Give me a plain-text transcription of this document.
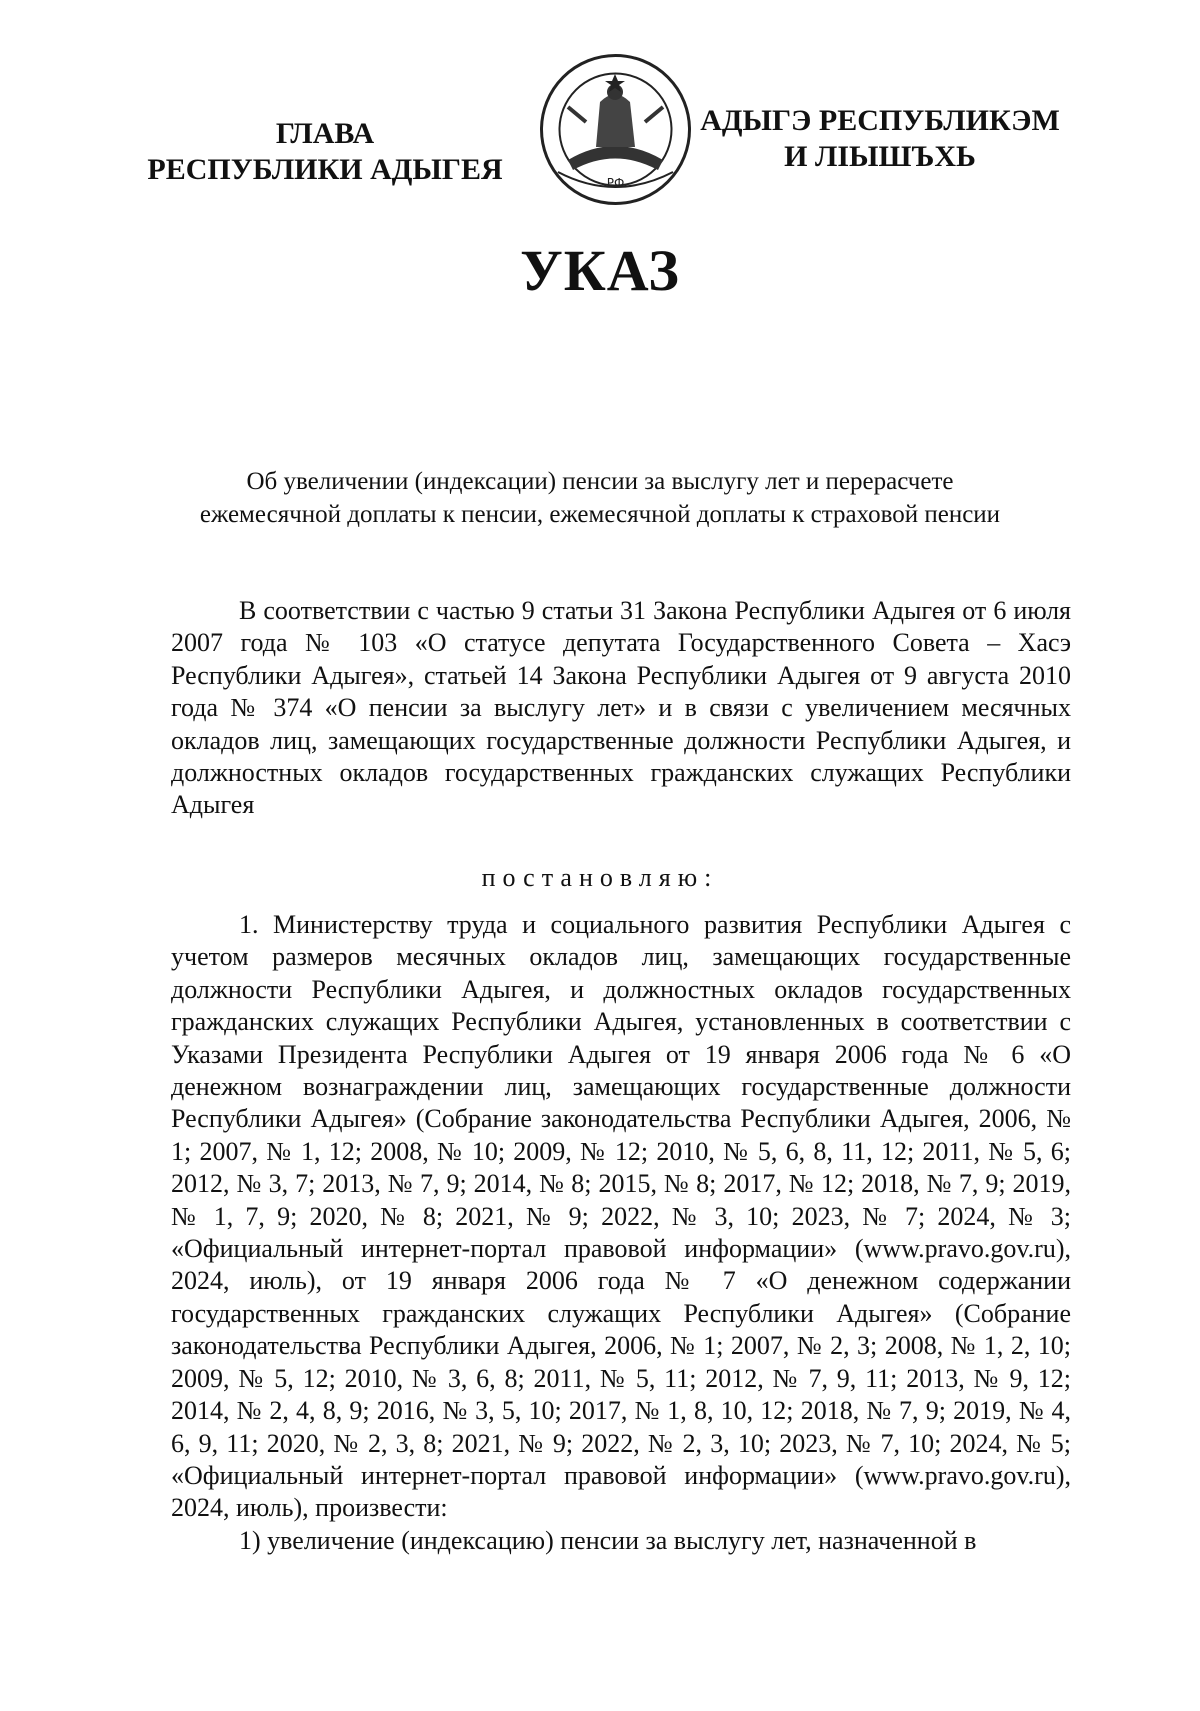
ГЛАВА
РЕСПУБЛИКИ АДЫГЕЯ	РФ
АДЫГЭ РЕСПУБЛИКЭМ
И ЛІЫШЪХЬ
УКАЗ
Об увеличении (индексации) пенсии за выслугу лет и перерасчете
ежемесячной доплаты к пенсии, ежемесячной доплаты к страховой пенсии

В соответствии с частью 9 статьи 31 Закона Республики Адыгея от 6 июля 2007 года № 103 «О статусе депутата Государственного Совета – Хасэ Республики Адыгея», статьей 14 Закона Республики Адыгея от 9 августа 2010 года № 374 «О пенсии за выслугу лет» и в связи с увеличением месячных окладов лиц, замещающих государственные должности Республики Адыгея, и должностных окладов государственных гражданских служащих Республики Адыгея

постановляю:

1. Министерству труда и социального развития Республики Адыгея с учетом размеров месячных окладов лиц, замещающих государственные должности Республики Адыгея, и должностных окладов государственных гражданских служащих Республики Адыгея, установленных в соответствии с Указами Президента Республики Адыгея от 19 января 2006 года № 6 «О денежном вознаграждении лиц, замещающих государственные должности Республики Адыгея» (Собрание законодательства Республики Адыгея, 2006, № 1; 2007, № 1, 12; 2008, № 10; 2009, № 12; 2010, № 5, 6, 8, 11, 12; 2011, № 5, 6; 2012, № 3, 7; 2013, № 7, 9; 2014, № 8; 2015, № 8; 2017, № 12; 2018, № 7, 9; 2019, № 1, 7, 9; 2020, № 8; 2021, № 9; 2022, № 3, 10; 2023, № 7; 2024, № 3; «Официальный интернет-портал правовой информации» (www.pravo.gov.ru), 2024, июль), от 19 января 2006 года № 7 «О денежном содержании государственных гражданских служащих Республики Адыгея» (Собрание законодательства Республики Адыгея, 2006, № 1; 2007, № 2, 3; 2008, № 1, 2, 10; 2009, № 5, 12; 2010, № 3, 6, 8; 2011, № 5, 11; 2012, № 7, 9, 11; 2013, № 9, 12; 2014, № 2, 4, 8, 9; 2016, № 3, 5, 10; 2017, № 1, 8, 10, 12; 2018, № 7, 9; 2019, № 4, 6, 9, 11; 2020, № 2, 3, 8; 2021, № 9; 2022, № 2, 3, 10; 2023, № 7, 10; 2024, № 5; «Официальный интернет-портал правовой информации» (www.pravo.gov.ru), 2024, июль), произвести:

1) увеличение (индексацию) пенсии за выслугу лет, назначенной в
